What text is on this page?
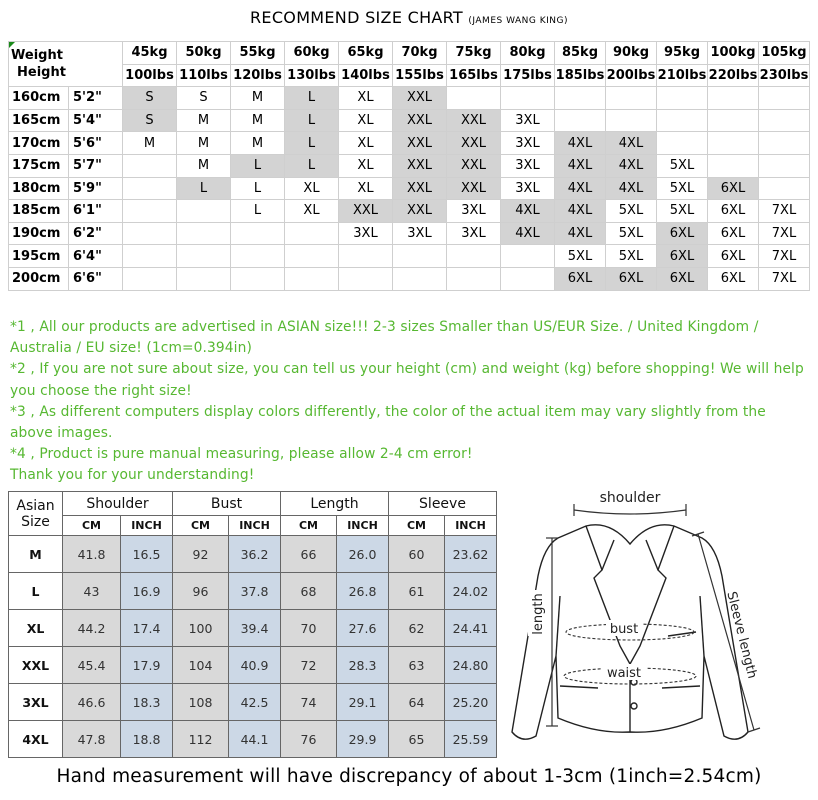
RECOMMEND SIZE CHART (JAMES WANG KING)
Weight
Height		45kg	50kg	55kg	60kg	65kg	70kg	75kg	80kg	85kg	90kg	95kg	100kg	105kg
		100lbs	110lbs	120lbs	130lbs	140lbs	155lbs	165lbs	175lbs	185lbs	200lbs	210lbs	220lbs	230lbs
160cm	5'2"	S	S	M	L	XL	XXL							
165cm	5'4"	S	M	M	L	XL	XXL	XXL	3XL					
170cm	5'6"	M	M	M	L	XL	XXL	XXL	3XL	4XL	4XL			
175cm	5'7"		M	L	L	XL	XXL	XXL	3XL	4XL	4XL	5XL		
180cm	5'9"		L	L	XL	XL	XXL	XXL	3XL	4XL	4XL	5XL	6XL	
185cm	6'1"			L	XL	XXL	XXL	3XL	4XL	4XL	5XL	5XL	6XL	7XL
190cm	6'2"					3XL	3XL	3XL	4XL	4XL	5XL	6XL	6XL	7XL
195cm	6'4"									5XL	5XL	6XL	6XL	7XL
200cm	6'6"									6XL	6XL	6XL	6XL	7XL

*1 , All our products are advertised in ASIAN size!!! 2-3 sizes Smaller than US/EUR Size. / United Kingdom / Australia / EU size! (1cm=0.394in)

*2 , If you are not sure about size, you can tell us your height (cm) and weight (kg) before shopping! We will help you choose the right size!

*3 , As different computers display colors differently, the color of the actual item may vary slightly from the above images.

*4 , Product is pure manual measuring, please allow 2-4 cm error!

Thank you for your understanding!

Asian
Size	Shoulder		Bust		Length		Sleeve	
	CM	INCH	CM	INCH	CM	INCH	CM	INCH
M	41.8	16.5	92	36.2	66	26.0	60	23.62
L	43	16.9	96	37.8	68	26.8	61	24.02
XL	44.2	17.4	100	39.4	70	27.6	62	24.41
XXL	45.4	17.9	104	40.9	72	28.3	63	24.80
3XL	46.6	18.3	108	42.5	74	29.1	64	25.20
4XL	47.8	18.8	112	44.1	76	29.9	65	25.59
shoulder
bust
waist
length	Sleeve length
Hand measurement will have discrepancy of about 1-3cm (1inch=2.54cm)
